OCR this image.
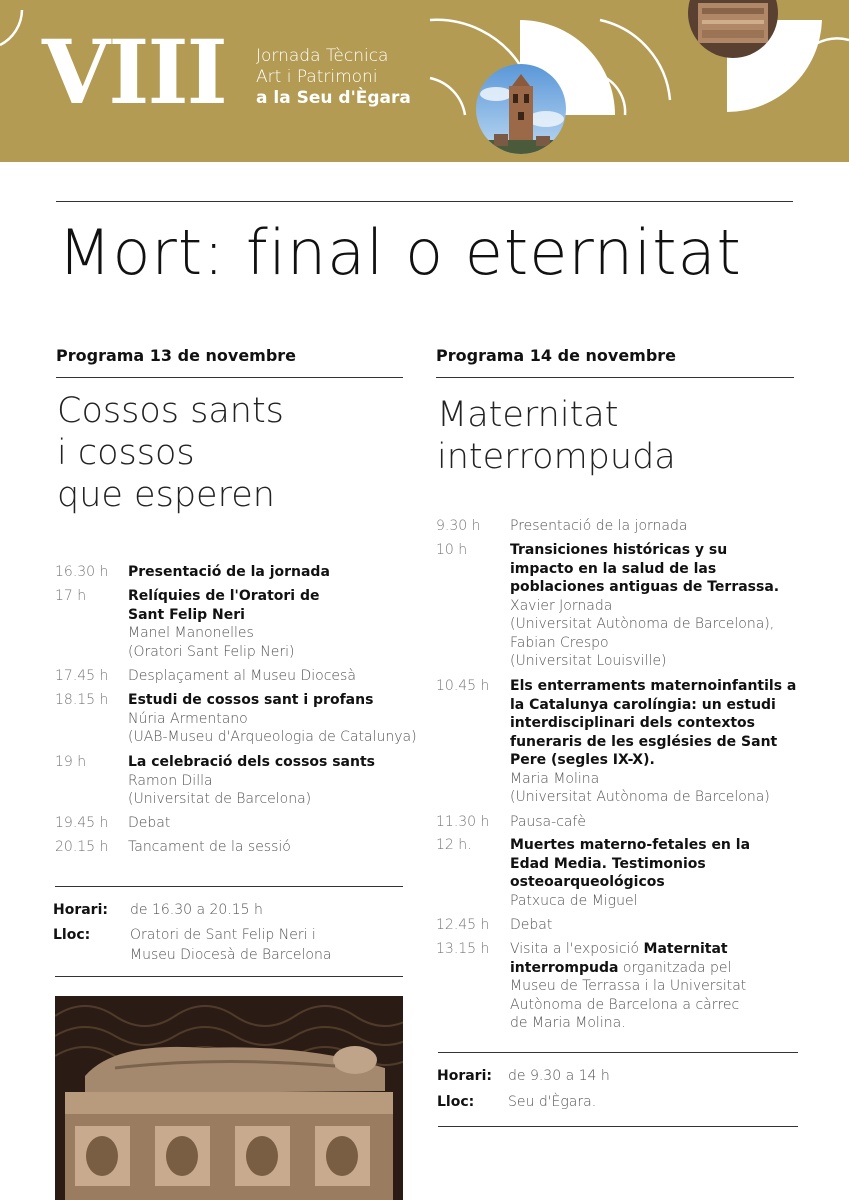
VIII Jornada Tècnica
Art i Patrimoni
a la Seu d'Ègara
Mort: final o eternitat
Programa 13 de novembre
Cossos sants
i cossos
que esperen
16.30 h Presentació de la jornada
17 h	Relíquies de l'Oratori de
Sant Felip Neri
Manel Manonelles
(Oratori Sant Felip Neri)
17.45 h Desplaçament al Museu Diocesà
18.15 h Estudi de cossos sant i profans
Núria Armentano
(UAB-Museu d'Arqueologia de Catalunya)
19 h	La celebració dels cossos sants
Ramon Dilla
(Universitat de Barcelona)
19.45 h Debat
20.15 h Tancament de la sessió
Horari: de 16.30 a 20.15 h
Lloc:	Oratori de Sant Felip Neri i
Museu Diocesà de Barcelona
Programa 14 de novembre
Maternitat
interrompuda
9.30 h Presentació de la jornada
10 h	Transiciones históricas y su
impacto en la salud de las
poblaciones antiguas de Terrassa.
Xavier Jornada
(Universitat Autònoma de Barcelona),
Fabian Crespo
(Universitat Louisville)
10.45 h Els enterraments maternoinfantils a
la Catalunya carolíngia: un estudi
interdisciplinari dels contextos
funeraris de les esglésies de Sant
Pere (segles IX-X).
Maria Molina
(Universitat Autònoma de Barcelona)
11.30 h Pausa-cafè
12 h.	Muertes materno-fetales en la
Edad Media. Testimonios
osteoarqueológicos
Patxuca de Miguel
12.45 h Debat
13.15 h Visita a l'exposició Maternitat
interrompuda organitzada pel
Museu de Terrassa i la Universitat
Autònoma de Barcelona a càrrec
de Maria Molina.
Horari: de 9.30 a 14 h
Lloc: Seu d'Ègara.
